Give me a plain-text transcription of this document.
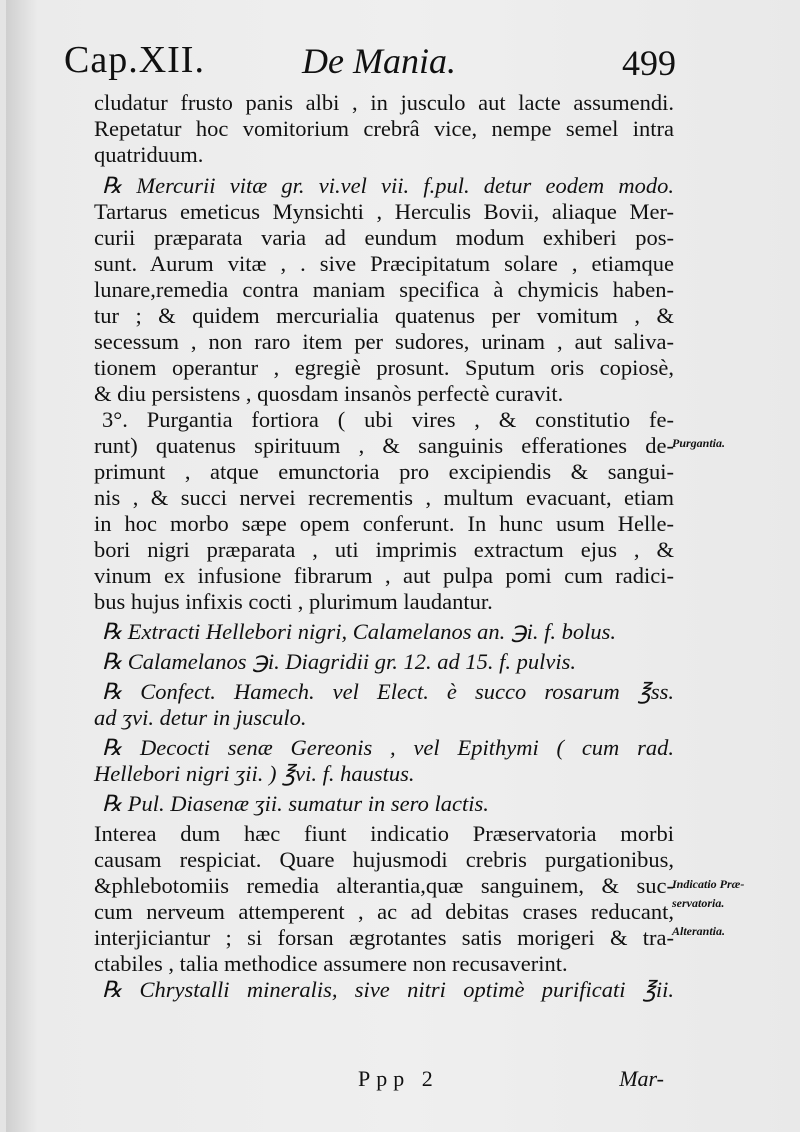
Cap.XII.	De Mania.	499
cludatur frusto panis albi , in jusculo aut lacte assumendi.
Repetatur hoc vomitorium crebrâ vice, nempe semel intra
quatriduum.
℞ Mercurii vitæ gr. vi.vel vii. f.pul. detur eodem modo.
Tartarus emeticus Mynsichti , Herculis Bovii, aliaque Mer-
curii præparata varia ad eundum modum exhiberi pos-
sunt. Aurum vitæ , . sive Præcipitatum solare , etiamque
lunare,remedia contra maniam specifica à chymicis haben-
tur ; & quidem mercurialia quatenus per vomitum , &
secessum , non raro item per sudores, urinam , aut saliva-
tionem operantur , egregiè prosunt. Sputum oris copiosè,
& diu persistens , quosdam insanòs perfectè curavit.
3°. Purgantia fortiora ( ubi vires , & constitutio fe-
runt) quatenus spirituum , & sanguinis efferationes de-
primunt , atque emunctoria pro excipiendis & sangui-
nis , & succi nervei recrementis , multum evacuant, etiam
in hoc morbo sæpe opem conferunt. In hunc usum Helle-
bori nigri præparata , uti imprimis extractum ejus , &
vinum ex infusione fibrarum , aut pulpa pomi cum radici-
bus hujus infixis cocti , plurimum laudantur.
℞ Extracti Hellebori nigri, Calamelanos an. ℈i. f. bolus.
℞ Calamelanos ℈i. Diagridii gr. 12. ad 15. f. pulvis.
℞ Confect. Hamech. vel Elect. è succo rosarum ℥ss.
ad ʒvi. detur in jusculo.
℞ Decocti senæ Gereonis , vel Epithymi ( cum rad.
Hellebori nigri ʒii. ) ℥vi. f. haustus.
℞ Pul. Diasenæ ʒii. sumatur in sero lactis.
Interea dum hæc fiunt indicatio Præservatoria morbi
causam respiciat. Quare hujusmodi crebris purgationibus,
&phlebotomiis remedia alterantia,quæ sanguinem, & suc-
cum nerveum attemperent , ac ad debitas crases reducant,
interjiciantur ; si forsan ægrotantes satis morigeri & tra-
ctabiles , talia methodice assumere non recusaverint.
℞ Chrystalli mineralis, sive nitri optimè purificati ℥ii.
Purgantia.
Indicatio Præ-
servatoria.
Alterantia.
Ppp 2	Mar-
